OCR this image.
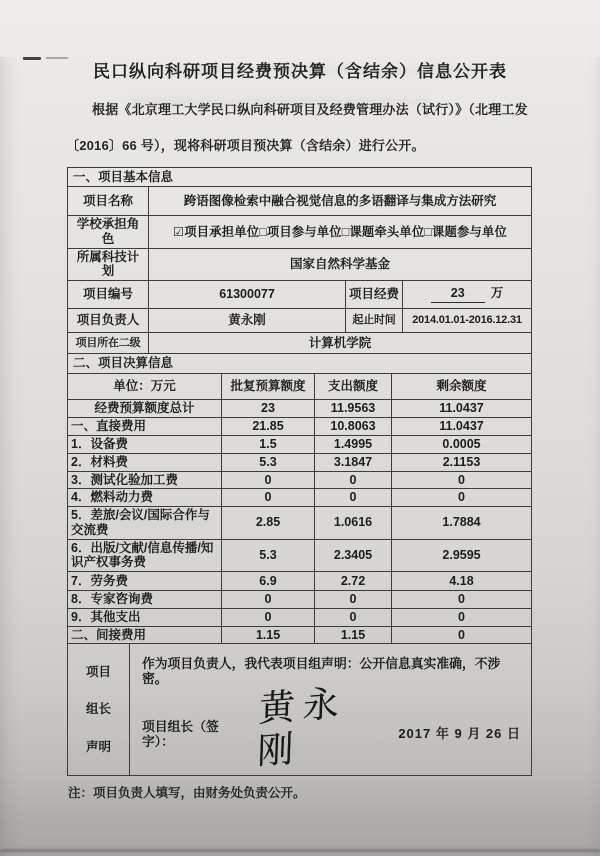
民口纵向科研项目经费预决算（含结余）信息公开表
根据《北京理工大学民口纵向科研项目及经费管理办法（试行）》（北理工发
〔2016〕66 号），现将科研项目预决算（含结余）进行公开。
一、项目基本信息			
项目名称	跨语图像检索中融合视觉信息的多语翻译与集成方法研究		
学校承担角色	☑项目承担单位□项目参与单位□课题牵头单位□课题参与单位		
所属科技计划	国家自然科学基金		
项目编号	61300077	项目经费	23 万
项目负责人	黄永刚	起止时间	2014.01.01-2016.12.31
项目所在二级	计算机学院		
二、项目决算信息			
单位：万元	批复预算额度	支出额度	剩余额度
经费预算额度总计	23	11.9563	11.0437
一、直接费用	21.85	10.8063	11.0437
1．设备费	1.5	1.4995	0.0005
2．材料费	5.3	3.1847	2.1153
3．测试化验加工费	0	0	0
4．燃料动力费	0	0	0
5．差旅/会议/国际合作与交流费	2.85	1.0616	1.7884
6．出版/文献/信息传播/知识产权事务费	5.3	2.3405	2.9595
7．劳务费	6.9	2.72	4.18
8．专家咨询费	0	0	0
9．其他支出	0	0	0
二、间接费用	1.15	1.15	0
项目
组长
声明

作为项目负责人，我代表项目组声明：公开信息真实准确，不涉密。
项目组长（签字）：
黄永刚	2017 年 9 月 26 日
注：项目负责人填写，由财务处负责公开。
